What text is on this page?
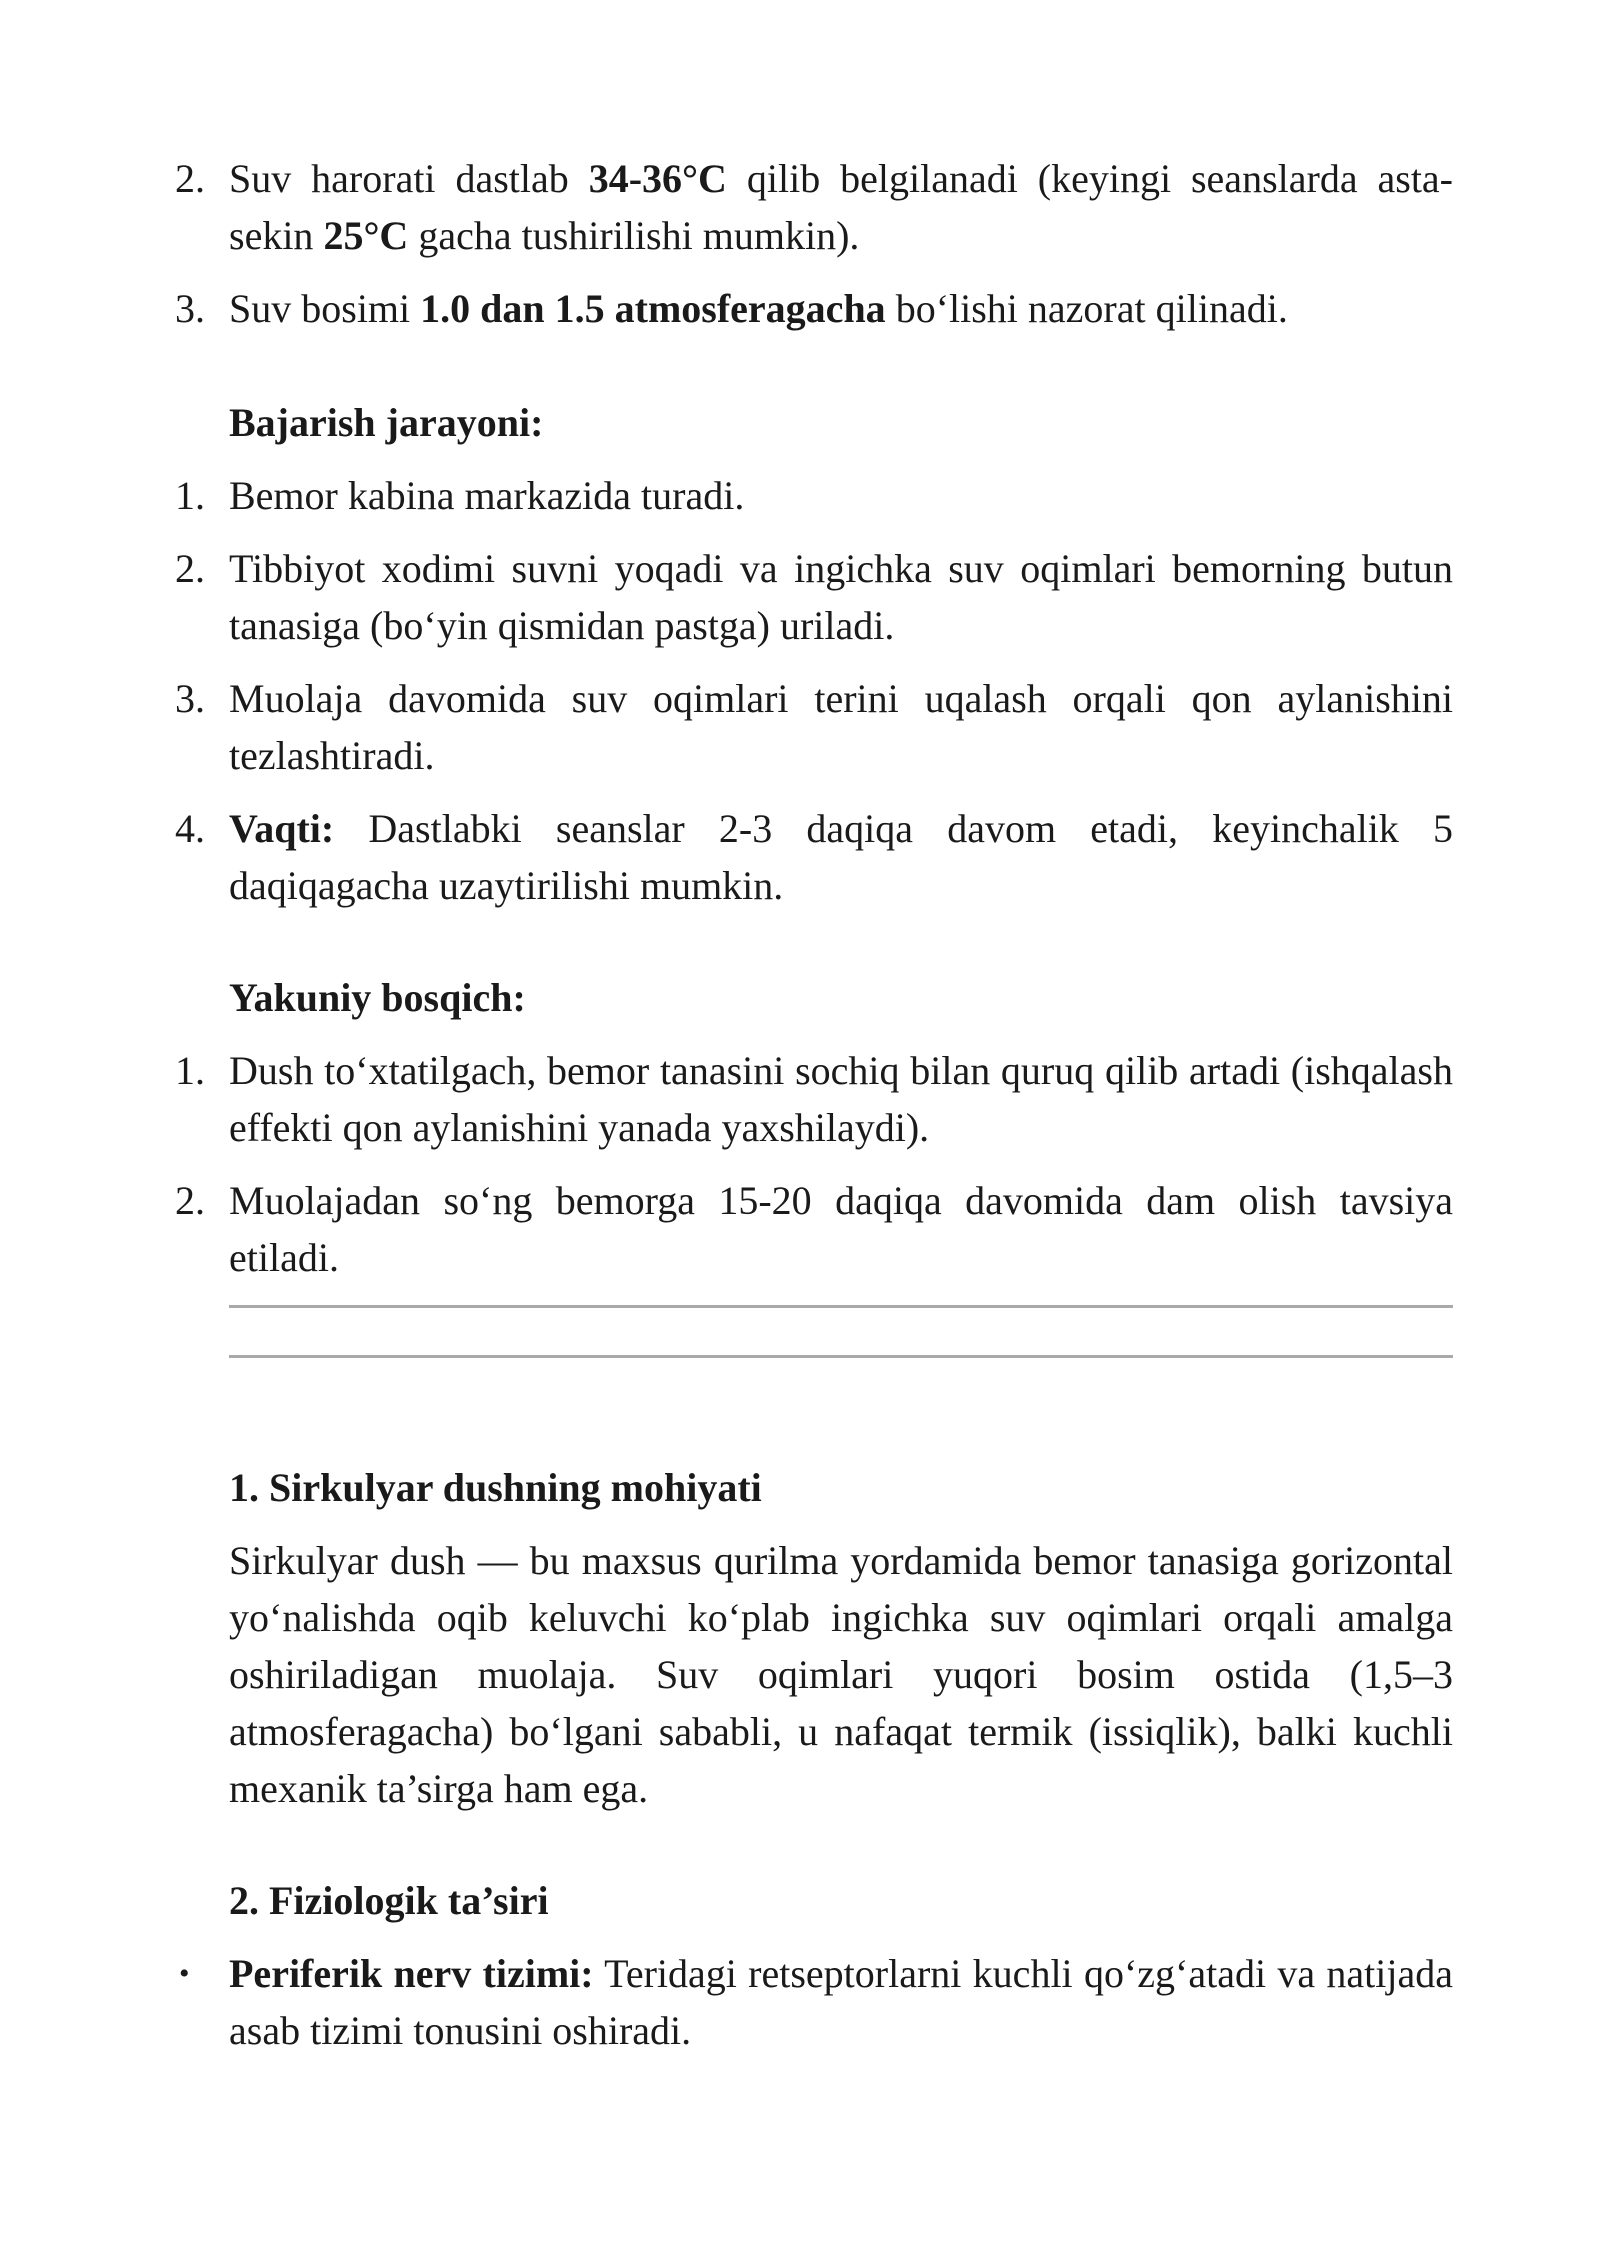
2. Suv harorati dastlab 34-36°C qilib belgilanadi (keyingi seanslarda asta-sekin 25°C gacha tushirilishi mumkin).

3. Suv bosimi 1.0 dan 1.5 atmosferagacha bo‘lishi nazorat qilinadi.

Bajarish jarayoni:

1. Bemor kabina markazida turadi.

2. Tibbiyot xodimi suvni yoqadi va ingichka suv oqimlari bemorning butun tanasiga (bo‘yin qismidan pastga) uriladi.

3. Muolaja davomida suv oqimlari terini uqalash orqali qon aylanishini tezlashtiradi.

4. Vaqti: Dastlabki seanslar 2-3 daqiqa davom etadi, keyinchalik 5 daqiqagacha uzaytirilishi mumkin.

Yakuniy bosqich:

1. Dush to‘xtatilgach, bemor tanasini sochiq bilan quruq qilib artadi (ishqalash effekti qon aylanishini yanada yaxshilaydi).

2. Muolajadan so‘ng bemorga 15-20 daqiqa davomida dam olish tavsiya etiladi.

1. Sirkulyar dushning mohiyati

Sirkulyar dush — bu maxsus qurilma yordamida bemor tanasiga gorizontal yo‘nalishda oqib keluvchi ko‘plab ingichka suv oqimlari orqali amalga oshiriladigan muolaja. Suv oqimlari yuqori bosim ostida (1,5–3 atmosferagacha) bo‘lgani sababli, u nafaqat termik (issiqlik), balki kuchli mexanik ta’sirga ham ega.

2. Fiziologik ta’siri

• Periferik nerv tizimi: Teridagi retseptorlarni kuchli qo‘zg‘atadi va natijada asab tizimi tonusini oshiradi.
